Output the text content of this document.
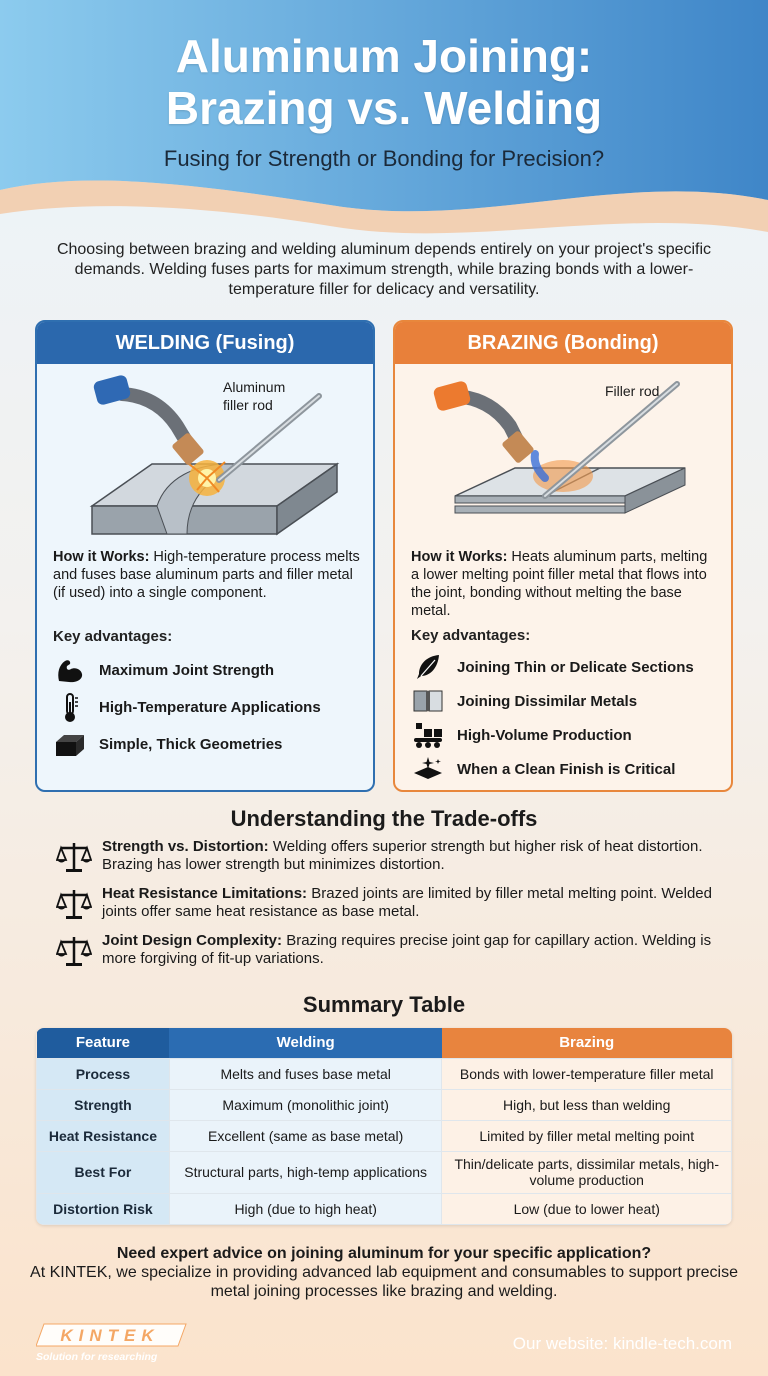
Aluminum Joining:
Brazing vs. Welding
Fusing for Strength or Bonding for Precision?

Choosing between brazing and welding aluminum depends entirely on your project's specific demands. Welding fuses parts for maximum strength, while brazing bonds with a lower-temperature filler for delicacy and versatility.

WELDING (Fusing)
Aluminum
filler rod

How it Works: High-temperature process melts and fuses base aluminum parts and filler metal (if used) into a single component.

Key advantages:
Maximum Joint Strength
High-Temperature Applications
Simple, Thick Geometries
BRAZING (Bonding)
Filler rod

How it Works: Heats aluminum parts, melting a lower melting point filler metal that flows into the joint, bonding without melting the base metal.

Key advantages:
Joining Thin or Delicate Sections
Joining Dissimilar Metals
High-Volume Production
When a Clean Finish is Critical
Understanding the Trade-offs

Strength vs. Distortion: Welding offers superior strength but higher risk of heat distortion. Brazing has lower strength but minimizes distortion.

Heat Resistance Limitations: Brazed joints are limited by filler metal melting point. Welded joints offer same heat resistance as base metal.

Joint Design Complexity: Brazing requires precise joint gap for capillary action. Welding is more forgiving of fit-up variations.

Summary Table
Feature	Welding	Brazing
Process	Melts and fuses base metal	Bonds with lower-temperature filler metal
Strength	Maximum (monolithic joint)	High, but less than welding
Heat Resistance	Excellent (same as base metal)	Limited by filler metal melting point
Best For	Structural parts, high-temp applications	Thin/delicate parts, dissimilar metals, high-volume production
Distortion Risk	High (due to high heat)	Low (due to lower heat)
Need expert advice on joining aluminum for your specific application?
At KINTEK, we specialize in providing advanced lab equipment and consumables to support precise metal joining processes like brazing and welding.
KINTEK
Solution for researching
Our website: kindle-tech.com
